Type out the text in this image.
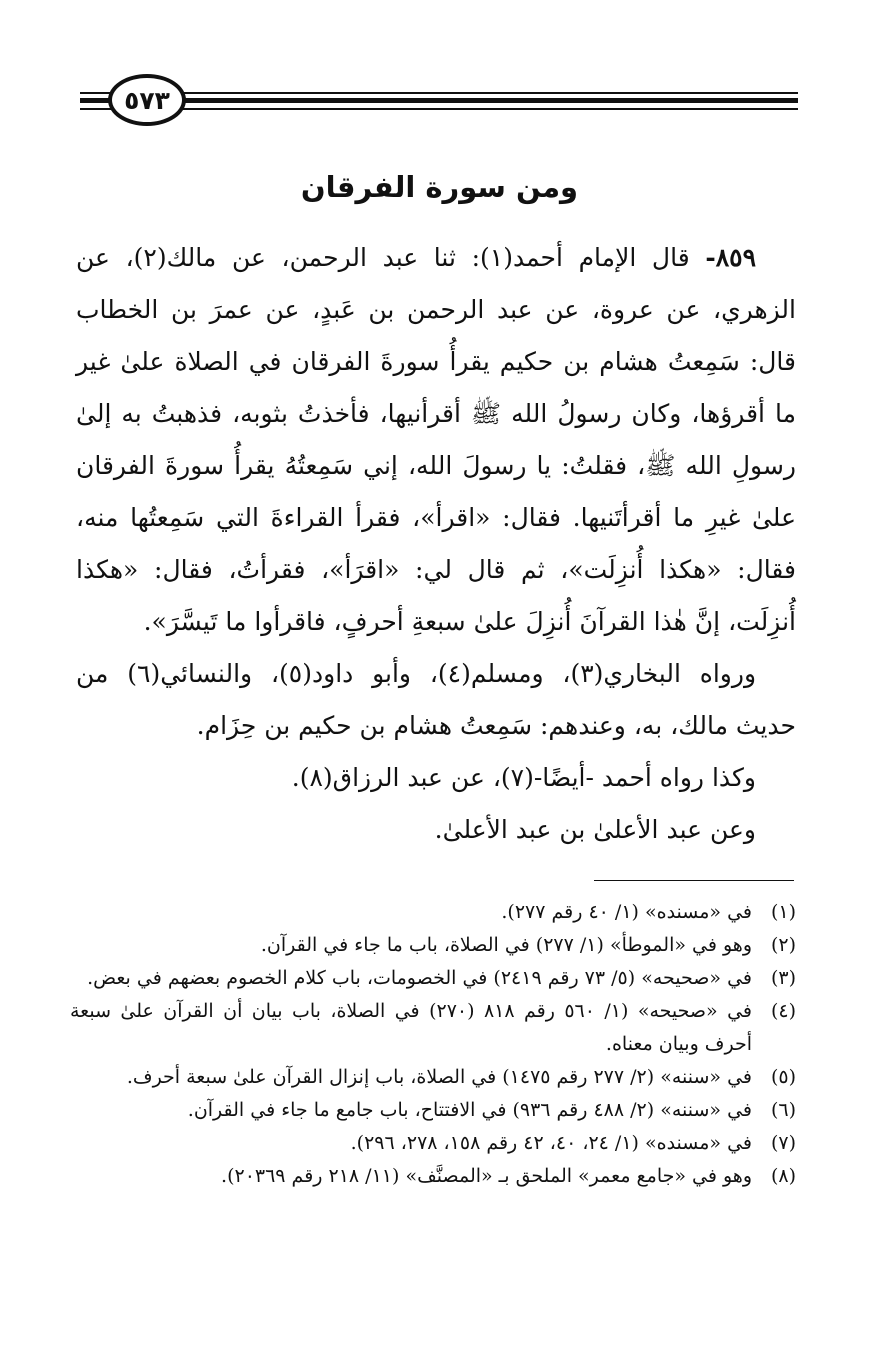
٥٧٣
ومن سورة الفرقان

٨٥٩- قال الإمام أحمد(١): ثنا عبد الرحمن، عن مالك(٢)، عن الزهري، عن عروة، عن عبد الرحمن بن عَبدٍ، عن عمرَ بن الخطاب قال: سَمِعتُ هشام بن حكيم يقرأُ سورةَ الفرقان في الصلاة علىٰ غير ما أقرؤها، وكان رسولُ الله ﷺ أقرأنيها، فأخذتُ بثوبه، فذهبتُ به إلىٰ رسولِ الله ﷺ، فقلتُ: يا رسولَ الله، إني سَمِعتُهُ يقرأُ سورةَ الفرقان علىٰ غيرِ ما أقرأتَنيها. فقال: «اقرأ»، فقرأ القراءةَ التي سَمِعتُها منه، فقال: «هكذا أُنزِلَت»، ثم قال لي: «اقرَأ»، فقرأتُ، فقال: «هكذا أُنزِلَت، إنَّ هٰذا القرآنَ أُنزِلَ علىٰ سبعةِ أحرفٍ، فاقرأوا ما تَيسَّرَ».

ورواه البخاري(٣)، ومسلم(٤)، وأبو داود(٥)، والنسائي(٦) من حديث مالك، به، وعندهم: سَمِعتُ هشام بن حكيم بن حِزَام.

وكذا رواه أحمد -أيضًا-(٧)، عن عبد الرزاق(٨).

وعن عبد الأعلىٰ بن عبد الأعلىٰ.

(١)
في «مسنده» (١/ ٤٠ رقم ٢٧٧).
(٢)
وهو في «الموطأ» (١/ ٢٧٧) في الصلاة، باب ما جاء في القرآن.
(٣)
في «صحيحه» (٥/ ٧٣ رقم ٢٤١٩) في الخصومات، باب كلام الخصوم بعضهم في بعض.
(٤)
في «صحيحه» (١/ ٥٦٠ رقم ٨١٨ (٢٧٠) في الصلاة، باب بيان أن القرآن علىٰ سبعة أحرف وبيان معناه.
(٥)
في «سننه» (٢/ ٢٧٧ رقم ١٤٧٥) في الصلاة، باب إنزال القرآن علىٰ سبعة أحرف.
(٦)
في «سننه» (٢/ ٤٨٨ رقم ٩٣٦) في الافتتاح، باب جامع ما جاء في القرآن.
(٧)
في «مسنده» (١/ ٢٤، ٤٠، ٤٢ رقم ١٥٨، ٢٧٨، ٢٩٦).
(٨)
وهو في «جامع معمر» الملحق بـ «المصنَّف» (١١/ ٢١٨ رقم ٢٠٣٦٩).
